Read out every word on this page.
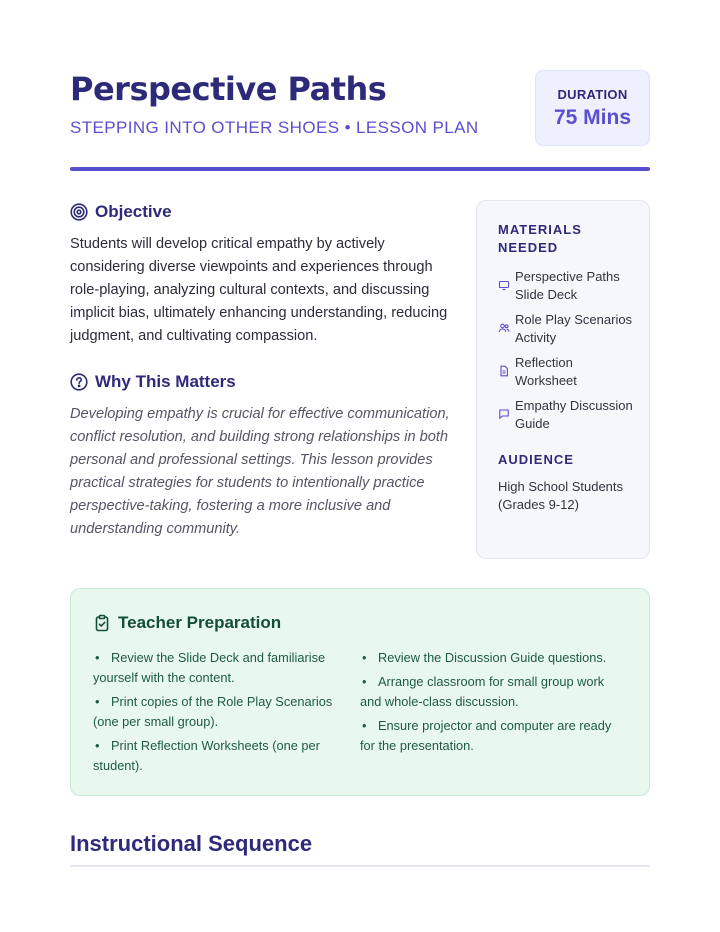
Perspective Paths
STEPPING INTO OTHER SHOES • LESSON PLAN
DURATION
75 Mins
Objective

Students will develop critical empathy by actively considering diverse viewpoints and experiences through role-playing, analyzing cultural contexts, and discussing implicit bias, ultimately enhancing understanding, reducing judgment, and cultivating compassion.

Why This Matters

Developing empathy is crucial for effective communication, conflict resolution, and building strong relationships in both personal and professional settings. This lesson provides practical strategies for students to intentionally practice perspective-taking, fostering a more inclusive and understanding community.

MATERIALS NEEDED
Perspective Paths Slide Deck
Role Play Scenarios Activity
Reflection Worksheet
Empathy Discussion Guide
AUDIENCE
High School Students (Grades 9-12)
Teacher Preparation
• Review the Slide Deck and familiarise yourself with the content.
• Print copies of the Role Play Scenarios (one per small group).
• Print Reflection Worksheets (one per student).
• Review the Discussion Guide questions.
• Arrange classroom for small group work and whole-class discussion.
• Ensure projector and computer are ready for the presentation.
Instructional Sequence
